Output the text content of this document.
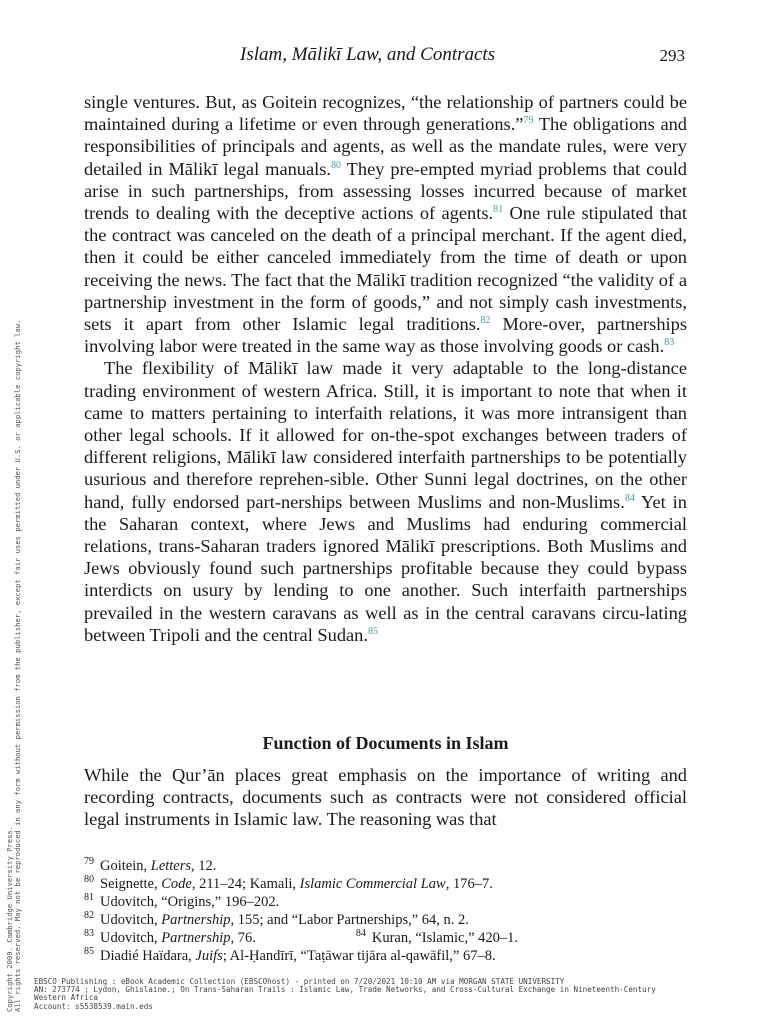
Islam, Mālikī Law, and Contracts	293

single ventures. But, as Goitein recognizes, “the relationship of partners could be maintained during a lifetime or even through generations.”$^{79}$ The obligations and responsibilities of principals and agents, as well as the mandate rules, were very detailed in Mālikī legal manuals.$^{80}$ They pre‑empted myriad problems that could arise in such partnerships, from assessing losses incurred because of market trends to dealing with the deceptive actions of agents.$^{81}$ One rule stipulated that the contract was canceled on the death of a principal merchant. If the agent died, then it could be either canceled immediately from the time of death or upon receiving the news. The fact that the Mālikī tradition recognized “the validity of a partnership investment in the form of goods,” and not simply cash investments, sets it apart from other Islamic legal traditions.$^{82}$ More‑over, partnerships involving labor were treated in the same way as those involving goods or cash.$^{83}$

The flexibility of Mālikī law made it very adaptable to the long-distance trading environment of western Africa. Still, it is important to note that when it came to matters pertaining to interfaith relations, it was more intransigent than other legal schools. If it allowed for on-the-spot exchanges between traders of different religions, Mālikī law considered interfaith partnerships to be potentially usurious and therefore reprehen‑sible. Other Sunni legal doctrines, on the other hand, fully endorsed part‑nerships between Muslims and non-Muslims.$^{84}$ Yet in the Saharan context, where Jews and Muslims had enduring commercial relations, trans-Saharan traders ignored Mālikī prescriptions. Both Muslims and Jews obviously found such partnerships profitable because they could bypass interdicts on usury by lending to one another. Such interfaith partnerships prevailed in the western caravans as well as in the central caravans circu‑lating between Tripoli and the central Sudan.$^{85}$

Function of Documents in Islam

While the Qur’ān places great emphasis on the importance of writing and recording contracts, documents such as contracts were not considered official legal instruments in Islamic law. The reasoning was that

79 Goitein, Letters, 12.
80 Seignette, Code, 211–24; Kamali, Islamic Commercial Law, 176–7.
81 Udovitch, “Origins,” 196–202.
82 Udovitch, Partnership, 155; and “Labor Partnerships,” 64, n. 2.
83 Udovitch, Partnership, 76.	84 Kuran, “Islamic,” 420–1.
85 Diadié Haïdara, Juifs; Al-Ḥandīrī, “Taṭāwar tijāra al-qawāfil,” 67–8.
Copyright 2009. Cambridge University Press. All rights reserved. May not be reproduced in any form without permission from the publisher, except fair uses permitted under U.S. or applicable copyright law. EBSCO Publishing : eBook Academic Collection (EBSCOhost) - printed on 7/20/2021 10:10 AM via MORGAN STATE UNIVERSITY
AN: 273774 ; Lydon, Ghislaine.; On Trans-Saharan Trails : Islamic Law, Trade Networks, and Cross-Cultural Exchange in Nineteenth-Century
Western Africa
Account: s5538539.main.eds
